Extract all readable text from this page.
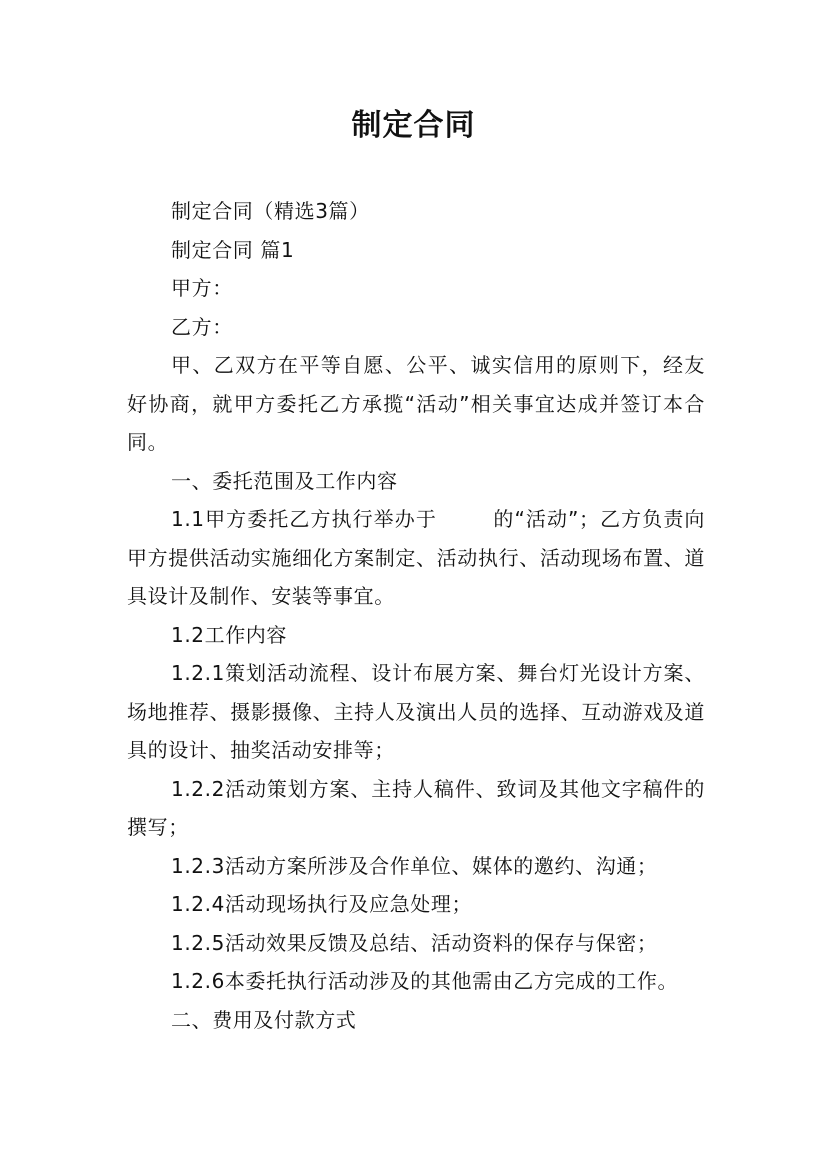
制定合同

制定合同（精选3篇）

制定合同 篇1

甲方：

乙方：

甲、乙双方在平等自愿、公平、诚实信用的原则下，经友好协商，就甲方委托乙方承揽“活动”相关事宜达成并签订本合同。

一、委托范围及工作内容

1.1甲方委托乙方执行举办于	的“活动”；乙方负责向甲方提供活动实施细化方案制定、活动执行、活动现场布置、道具设计及制作、安装等事宜。

1.2工作内容

1.2.1策划活动流程、设计布展方案、舞台灯光设计方案、场地推荐、摄影摄像、主持人及演出人员的选择、互动游戏及道具的设计、抽奖活动安排等；

1.2.2活动策划方案、主持人稿件、致词及其他文字稿件的撰写；

1.2.3活动方案所涉及合作单位、媒体的邀约、沟通；

1.2.4活动现场执行及应急处理；

1.2.5活动效果反馈及总结、活动资料的保存与保密；

1.2.6本委托执行活动涉及的其他需由乙方完成的工作。

二、费用及付款方式
